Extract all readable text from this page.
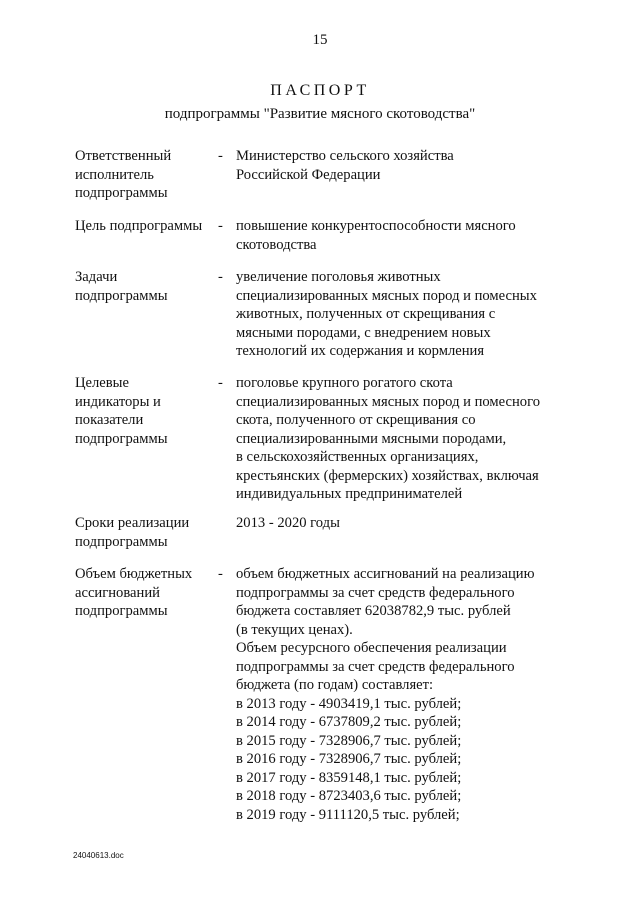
15
ПАСПОРТ
подпрограммы "Развитие мясного скотоводства"
Ответственный
исполнитель
подпрограммы
- Министерство сельского хозяйства
Российской Федерации
Цель подпрограммы	- повышение конкурентоспособности мясного
скотоводства
Задачи
подпрограммы
- увеличение поголовья животных
специализированных мясных пород и помесных
животных, полученных от скрещивания с
мясными породами, с внедрением новых
технологий их содержания и кормления
Целевые
индикаторы и
показатели
подпрограммы
- поголовье крупного рогатого скота
специализированных мясных пород и помесного
скота, полученного от скрещивания со
специализированными мясными породами,
в сельскохозяйственных организациях,
крестьянских (фермерских) хозяйствах, включая
индивидуальных предпринимателей
Сроки реализации
подпрограммы
2013 - 2020 годы
Объем бюджетных
ассигнований
подпрограммы
- объем бюджетных ассигнований на реализацию
подпрограммы за счет средств федерального
бюджета составляет 62038782,9 тыс. рублей
(в текущих ценах).
Объем ресурсного обеспечения реализации
подпрограммы за счет средств федерального
бюджета (по годам) составляет:
в 2013 году - 4903419,1 тыс. рублей;
в 2014 году - 6737809,2 тыс. рублей;
в 2015 году - 7328906,7 тыс. рублей;
в 2016 году - 7328906,7 тыс. рублей;
в 2017 году - 8359148,1 тыс. рублей;
в 2018 году - 8723403,6 тыс. рублей;
в 2019 году - 9111120,5 тыс. рублей;
24040613.doc
